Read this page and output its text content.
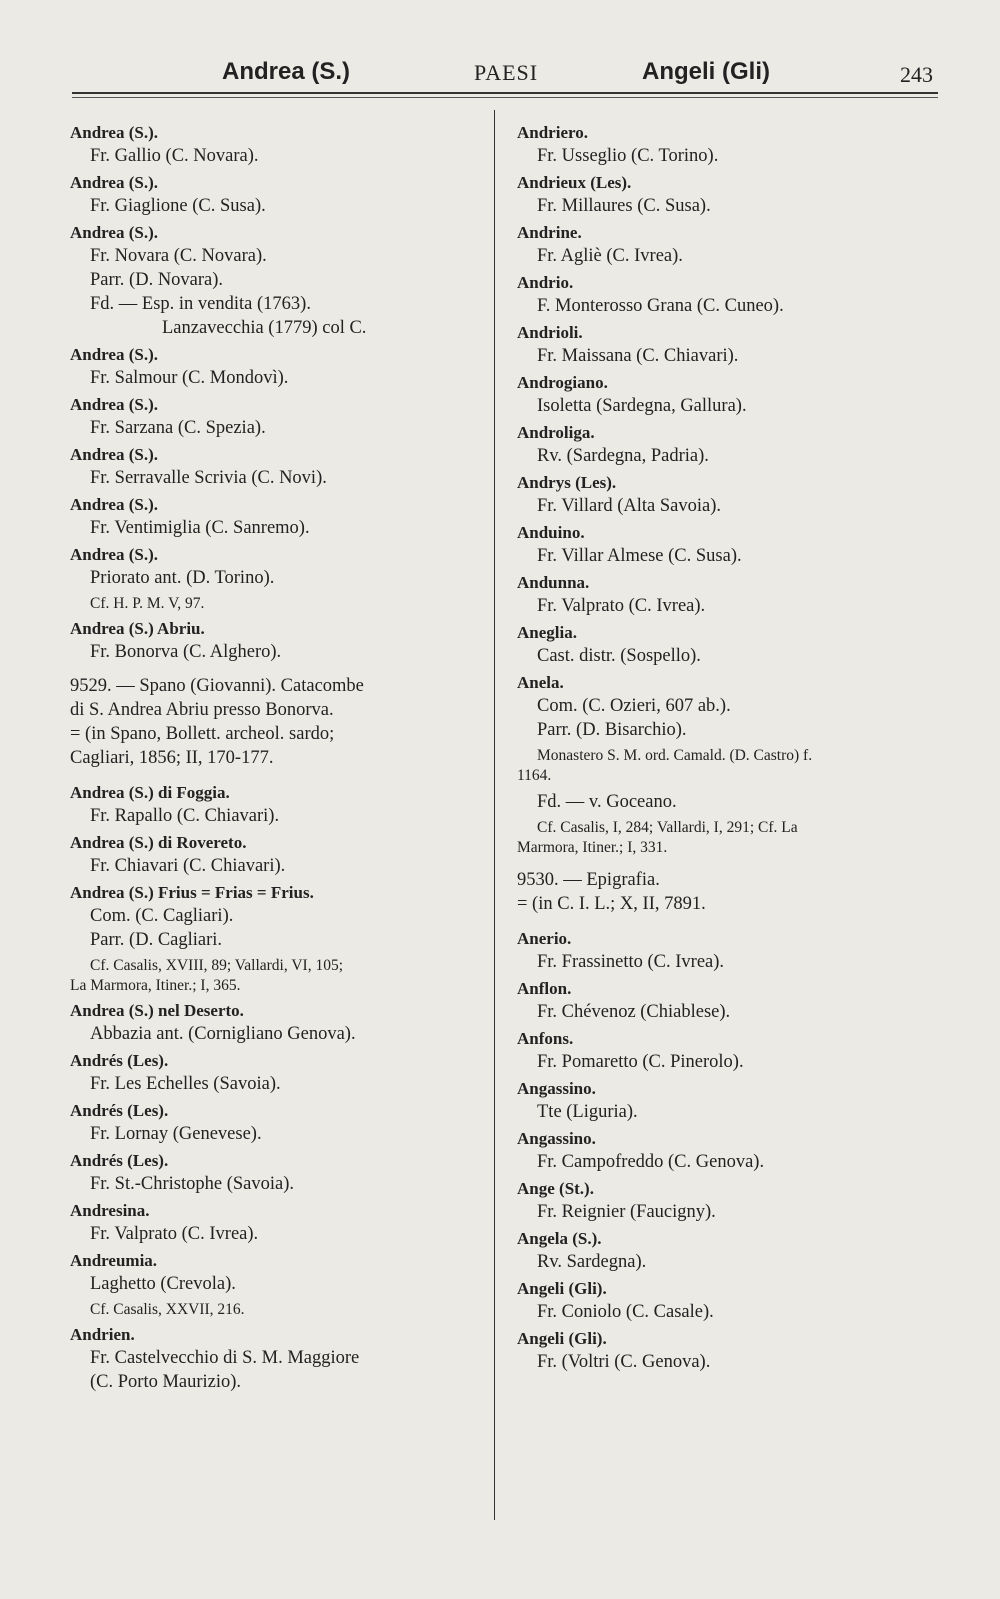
Andrea (S.)	PAESI	Angeli (Gli)	243
Andrea (S.).
Fr. Gallio (C. Novara).
Andrea (S.).
Fr. Giaglione (C. Susa).
Andrea (S.).
Fr. Novara (C. Novara).
Parr. (D. Novara).
Fd. — Esp. in vendita (1763).
Lanzavecchia (1779) col C.
Andrea (S.).
Fr. Salmour (C. Mondovì).
Andrea (S.).
Fr. Sarzana (C. Spezia).
Andrea (S.).
Fr. Serravalle Scrivia (C. Novi).
Andrea (S.).
Fr. Ventimiglia (C. Sanremo).
Andrea (S.).
Priorato ant. (D. Torino).
Cf. H. P. M. V, 97.
Andrea (S.) Abriu.
Fr. Bonorva (C. Alghero).
9529. — Spano (Giovanni). Catacombe
di S. Andrea Abriu presso Bonorva.
= (in Spano, Bollett. archeol. sardo;
Cagliari, 1856; II, 170-177.
Andrea (S.) di Foggia.
Fr. Rapallo (C. Chiavari).
Andrea (S.) di Rovereto.
Fr. Chiavari (C. Chiavari).
Andrea (S.) Frius = Frias = Frius.
Com. (C. Cagliari).
Parr. (D. Cagliari.
Cf. Casalis, XVIII, 89; Vallardi, VI, 105;
La Marmora, Itiner.; I, 365.
Andrea (S.) nel Deserto.
Abbazia ant. (Cornigliano Genova).
Andrés (Les).
Fr. Les Echelles (Savoia).
Andrés (Les).
Fr. Lornay (Genevese).
Andrés (Les).
Fr. St.-Christophe (Savoia).
Andresina.
Fr. Valprato (C. Ivrea).
Andreumia.
Laghetto (Crevola).
Cf. Casalis, XXVII, 216.
Andrien.
Fr. Castelvecchio di S. M. Maggiore
(C. Porto Maurizio).
Andriero.
Fr. Usseglio (C. Torino).
Andrieux (Les).
Fr. Millaures (C. Susa).
Andrine.
Fr. Agliè (C. Ivrea).
Andrio.
F. Monterosso Grana (C. Cuneo).
Andrioli.
Fr. Maissana (C. Chiavari).
Androgiano.
Isoletta (Sardegna, Gallura).
Androliga.
Rv. (Sardegna, Padria).
Andrys (Les).
Fr. Villard (Alta Savoia).
Anduino.
Fr. Villar Almese (C. Susa).
Andunna.
Fr. Valprato (C. Ivrea).
Aneglia.
Cast. distr. (Sospello).
Anela.
Com. (C. Ozieri, 607 ab.).
Parr. (D. Bisarchio).
Monastero S. M. ord. Camald. (D. Castro) f.
1164.
Fd. — v. Goceano.
Cf. Casalis, I, 284; Vallardi, I, 291; Cf. La
Marmora, Itiner.; I, 331.
9530. — Epigrafia.
= (in C. I. L.; X, II, 7891.
Anerio.
Fr. Frassinetto (C. Ivrea).
Anflon.
Fr. Chévenoz (Chiablese).
Anfons.
Fr. Pomaretto (C. Pinerolo).
Angassino.
Tte (Liguria).
Angassino.
Fr. Campofreddo (C. Genova).
Ange (St.).
Fr. Reignier (Faucigny).
Angela (S.).
Rv. Sardegna).
Angeli (Gli).
Fr. Coniolo (C. Casale).
Angeli (Gli).
Fr. (Voltri (C. Genova).
